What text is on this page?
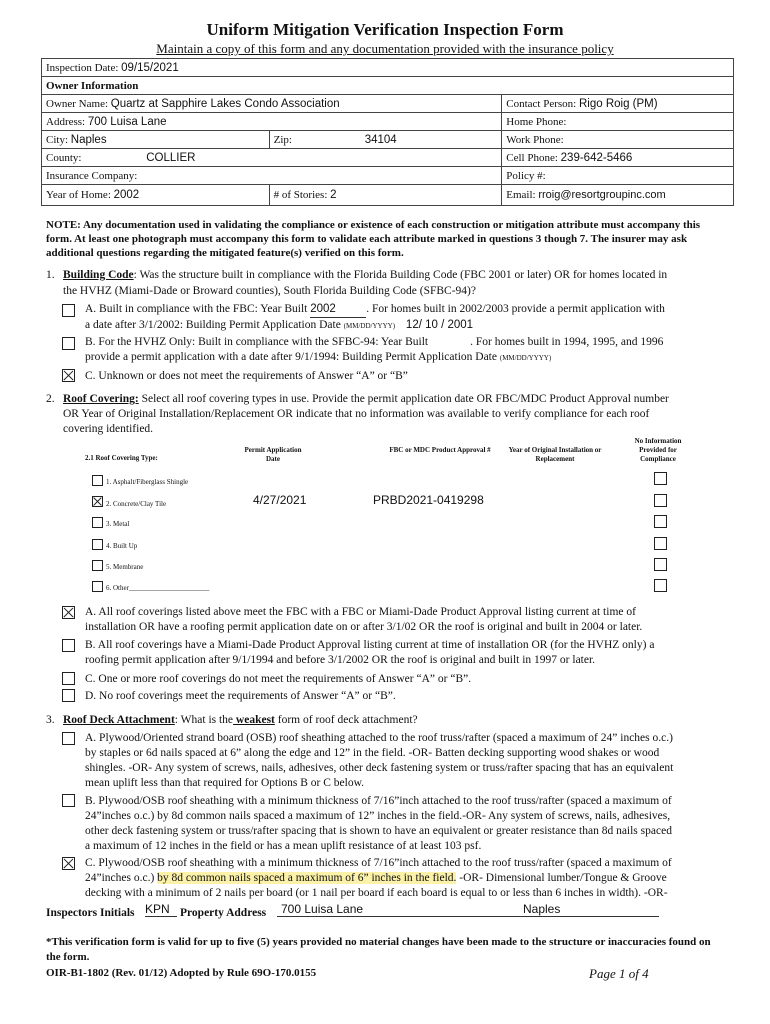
Uniform Mitigation Verification Inspection Form
Maintain a copy of this form and any documentation provided with the insurance policy
Inspection Date: 09/15/2021		
Owner Information		
Owner Name: Quartz at Sapphire Lakes Condo Association		Contact Person: Rigo Roig (PM)
Address: 700 Luisa Lane		Home Phone:
City: Naples	Zip: 34104	Work Phone:
County: COLLIER		Cell Phone: 239-642-5466
Insurance Company:		Policy #:
Year of Home: 2002	# of Stories: 2	Email: rroig@resortgroupinc.com
NOTE: Any documentation used in validating the compliance or existence of each construction or mitigation attribute must accompany this form. At least one photograph must accompany this form to validate each attribute marked in questions 3 though 7. The insurer may ask additional questions regarding the mitigated feature(s) verified on this form.
1. Building Code: Was the structure built in compliance with the Florida Building Code (FBC 2001 or later) OR for homes located in
the HVHZ (Miami-Dade or Broward counties), South Florida Building Code (SFBC-94)?
A. Built in compliance with the FBC: Year Built 2002	. For homes built in 2002/2003 provide a permit application with
a date after 3/1/2002: Building Permit Application Date (MM/DD/YYYY) 12/ 10 / 2001
B. For the HVHZ Only: Built in compliance with the SFBC-94: Year Built	. For homes built in 1994, 1995, and 1996
provide a permit application with a date after 9/1/1994: Building Permit Application Date (MM/DD/YYYY)
C. Unknown or does not meet the requirements of Answer “A” or “B”
2. Roof Covering: Select all roof covering types in use. Provide the permit application date OR FBC/MDC Product Approval number
OR Year of Original Installation/Replacement OR indicate that no information was available to verify compliance for each roof
covering identified.
2.1 Roof Covering Type:
Permit Application Date
FBC or MDC Product Approval #	Year of Original Installation or Replacement
No Information Provided for Compliance
1. Asphalt/Fiberglass Shingle
2. Concrete/Clay Tile	4/27/2021	PRBD2021-0419298
3. Metal
4. Built Up
5. Membrane
6. Other_______________________
A. All roof coverings listed above meet the FBC with a FBC or Miami-Dade Product Approval listing current at time of
installation OR have a roofing permit application date on or after 3/1/02 OR the roof is original and built in 2004 or later.
B. All roof coverings have a Miami-Dade Product Approval listing current at time of installation OR (for the HVHZ only) a
roofing permit application after 9/1/1994 and before 3/1/2002 OR the roof is original and built in 1997 or later.
C. One or more roof coverings do not meet the requirements of Answer “A” or “B”.
D. No roof coverings meet the requirements of Answer “A” or “B”.
3. Roof Deck Attachment: What is the weakest form of roof deck attachment?
A. Plywood/Oriented strand board (OSB) roof sheathing attached to the roof truss/rafter (spaced a maximum of 24” inches o.c.)
by staples or 6d nails spaced at 6” along the edge and 12” in the field. -OR- Batten decking supporting wood shakes or wood
shingles. -OR- Any system of screws, nails, adhesives, other deck fastening system or truss/rafter spacing that has an equivalent
mean uplift less than that required for Options B or C below.
B. Plywood/OSB roof sheathing with a minimum thickness of 7/16”inch attached to the roof truss/rafter (spaced a maximum of
24”inches o.c.) by 8d common nails spaced a maximum of 12” inches in the field.-OR- Any system of screws, nails, adhesives,
other deck fastening system or truss/rafter spacing that is shown to have an equivalent or greater resistance than 8d nails spaced
a maximum of 12 inches in the field or has a mean uplift resistance of at least 103 psf.
C. Plywood/OSB roof sheathing with a minimum thickness of 7/16”inch attached to the roof truss/rafter (spaced a maximum of
24”inches o.c.) by 8d common nails spaced a maximum of 6” inches in the field. -OR- Dimensional lumber/Tongue & Groove
decking with a minimum of 2 nails per board (or 1 nail per board if each board is equal to or less than 6 inches in width). -OR-
Inspectors Initials KPN Property Address 700 Luisa Lane	Naples
*This verification form is valid for up to five (5) years provided no material changes have been made to the structure or inaccuracies found on the form.
OIR-B1-1802 (Rev. 01/12) Adopted by Rule 69O-170.0155	Page 1 of 4
